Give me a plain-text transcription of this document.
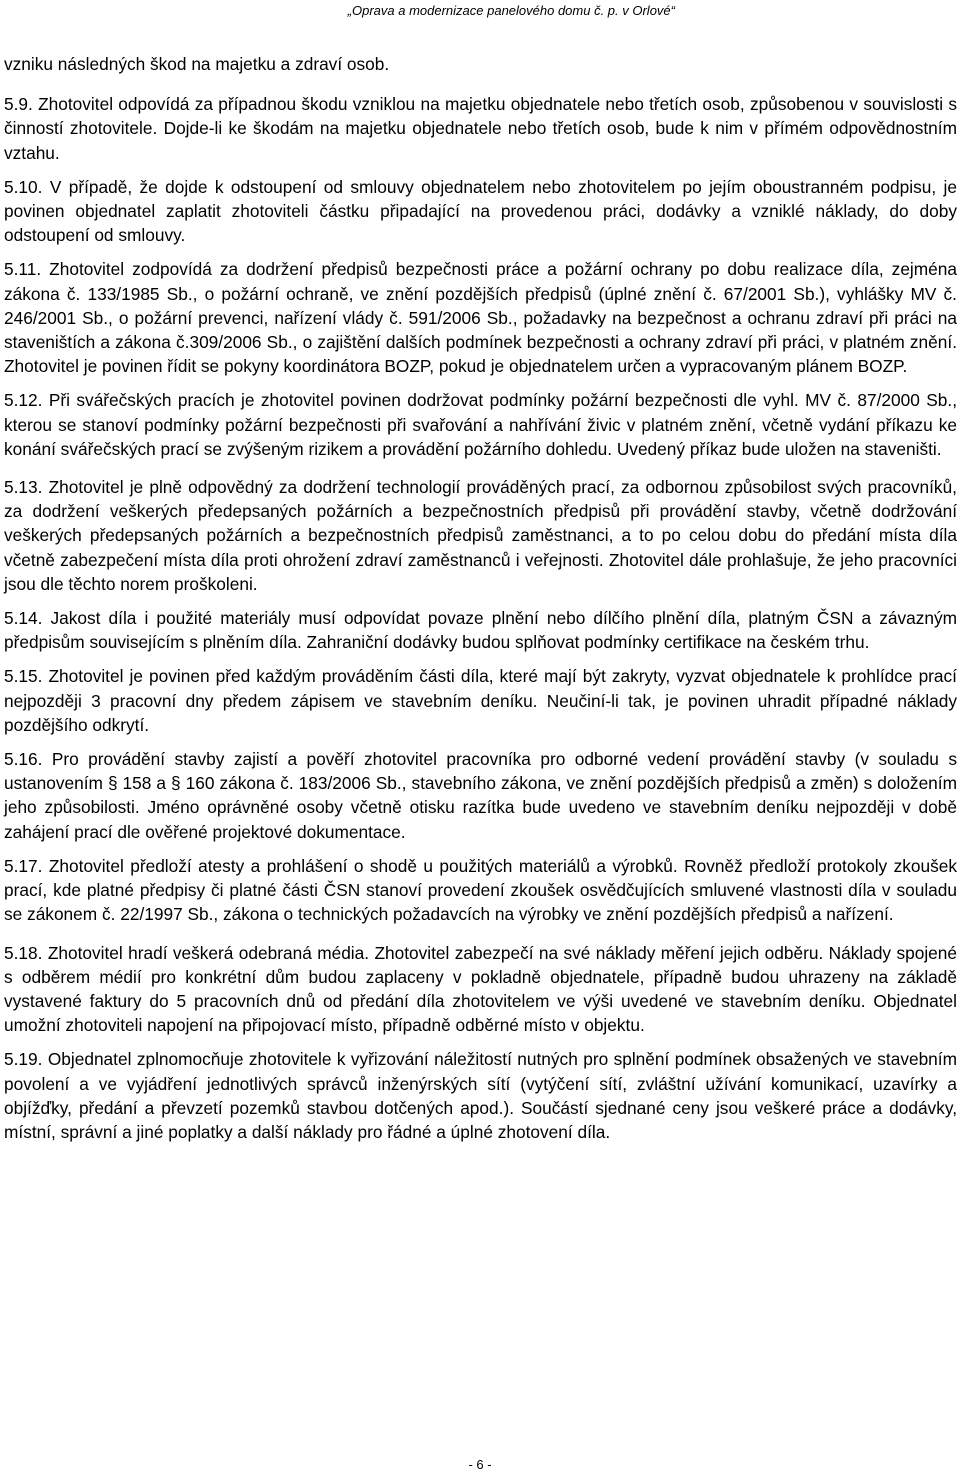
„Oprava a modernizace panelového domu č. p. v Orlové“

vzniku následných škod na majetku a zdraví osob.

5.9. Zhotovitel odpovídá za případnou škodu vzniklou na majetku objednatele nebo třetích osob, způsobenou v souvislosti s činností zhotovitele. Dojde-li ke škodám na majetku objednatele nebo třetích osob, bude k nim v přímém odpovědnostním vztahu.

5.10. V případě, že dojde k odstoupení od smlouvy objednatelem nebo zhotovitelem po jejím oboustranném podpisu, je povinen objednatel zaplatit zhotoviteli částku připadající na provedenou práci, dodávky a vzniklé náklady, do doby odstoupení od smlouvy.

5.11. Zhotovitel zodpovídá za dodržení předpisů bezpečnosti práce a požární ochrany po dobu realizace díla, zejména zákona č. 133/1985 Sb., o požární ochraně, ve znění pozdějších předpisů (úplné znění č. 67/2001 Sb.), vyhlášky MV č. 246/2001 Sb., o požární prevenci, nařízení vlády č. 591/2006 Sb., požadavky na bezpečnost a ochranu zdraví při práci na staveništích a zákona č.309/2006 Sb., o zajištění dalších podmínek bezpečnosti a ochrany zdraví při práci, v platném znění. Zhotovitel je povinen řídit se pokyny koordinátora BOZP, pokud je objednatelem určen a vypracovaným plánem BOZP.

5.12. Při svářečských pracích je zhotovitel povinen dodržovat podmínky požární bezpečnosti dle vyhl. MV č. 87/2000 Sb., kterou se stanoví podmínky požární bezpečnosti při svařování a nahřívání živic v platném znění, včetně vydání příkazu ke konání svářečských prací se zvýšeným rizikem a provádění požárního dohledu. Uvedený příkaz bude uložen na staveništi.

5.13. Zhotovitel je plně odpovědný za dodržení technologií prováděných prací, za odbornou způsobilost svých pracovníků, za dodržení veškerých předepsaných požárních a bezpečnostních předpisů při provádění stavby, včetně dodržování veškerých předepsaných požárních a bezpečnostních předpisů zaměstnanci, a to po celou dobu do předání místa díla včetně zabezpečení místa díla proti ohrožení zdraví zaměstnanců i veřejnosti. Zhotovitel dále prohlašuje, že jeho pracovníci jsou dle těchto norem proškoleni.

5.14. Jakost díla i použité materiály musí odpovídat povaze plnění nebo dílčího plnění díla, platným ČSN a závazným předpisům souvisejícím s plněním díla. Zahraniční dodávky budou splňovat podmínky certifikace na českém trhu.

5.15. Zhotovitel je povinen před každým prováděním části díla, které mají být zakryty, vyzvat objednatele k prohlídce prací nejpozději 3 pracovní dny předem zápisem ve stavebním deníku. Neučiní-li tak, je povinen uhradit případné náklady pozdějšího odkrytí.

5.16. Pro provádění stavby zajistí a pověří zhotovitel pracovníka pro odborné vedení provádění stavby (v souladu s ustanovením § 158 a § 160 zákona č. 183/2006 Sb., stavebního zákona, ve znění pozdějších předpisů a změn) s doložením jeho způsobilosti. Jméno oprávněné osoby včetně otisku razítka bude uvedeno ve stavebním deníku nejpozději v době zahájení prací dle ověřené projektové dokumentace.

5.17. Zhotovitel předloží atesty a prohlášení o shodě u použitých materiálů a výrobků. Rovněž předloží protokoly zkoušek prací, kde platné předpisy či platné části ČSN stanoví provedení zkoušek osvědčujících smluvené vlastnosti díla v souladu se zákonem č. 22/1997 Sb., zákona o technických požadavcích na výrobky ve znění pozdějších předpisů a nařízení.

5.18. Zhotovitel hradí veškerá odebraná média. Zhotovitel zabezpečí na své náklady měření jejich odběru. Náklady spojené s odběrem médií pro konkrétní dům budou zaplaceny v pokladně objednatele, případně budou uhrazeny na základě vystavené faktury do 5 pracovních dnů od předání díla zhotovitelem ve výši uvedené ve stavebním deníku. Objednatel umožní zhotoviteli napojení na připojovací místo, případně odběrné místo v objektu.

5.19. Objednatel zplnomocňuje zhotovitele k vyřizování náležitostí nutných pro splnění podmínek obsažených ve stavebním povolení a ve vyjádření jednotlivých správců inženýrských sítí (vytýčení sítí, zvláštní užívání komunikací, uzavírky a objížďky, předání a převzetí pozemků stavbou dotčených apod.). Součástí sjednané ceny jsou veškeré práce a dodávky, místní, správní a jiné poplatky a další náklady pro řádné a úplné zhotovení díla.

- 6 -
